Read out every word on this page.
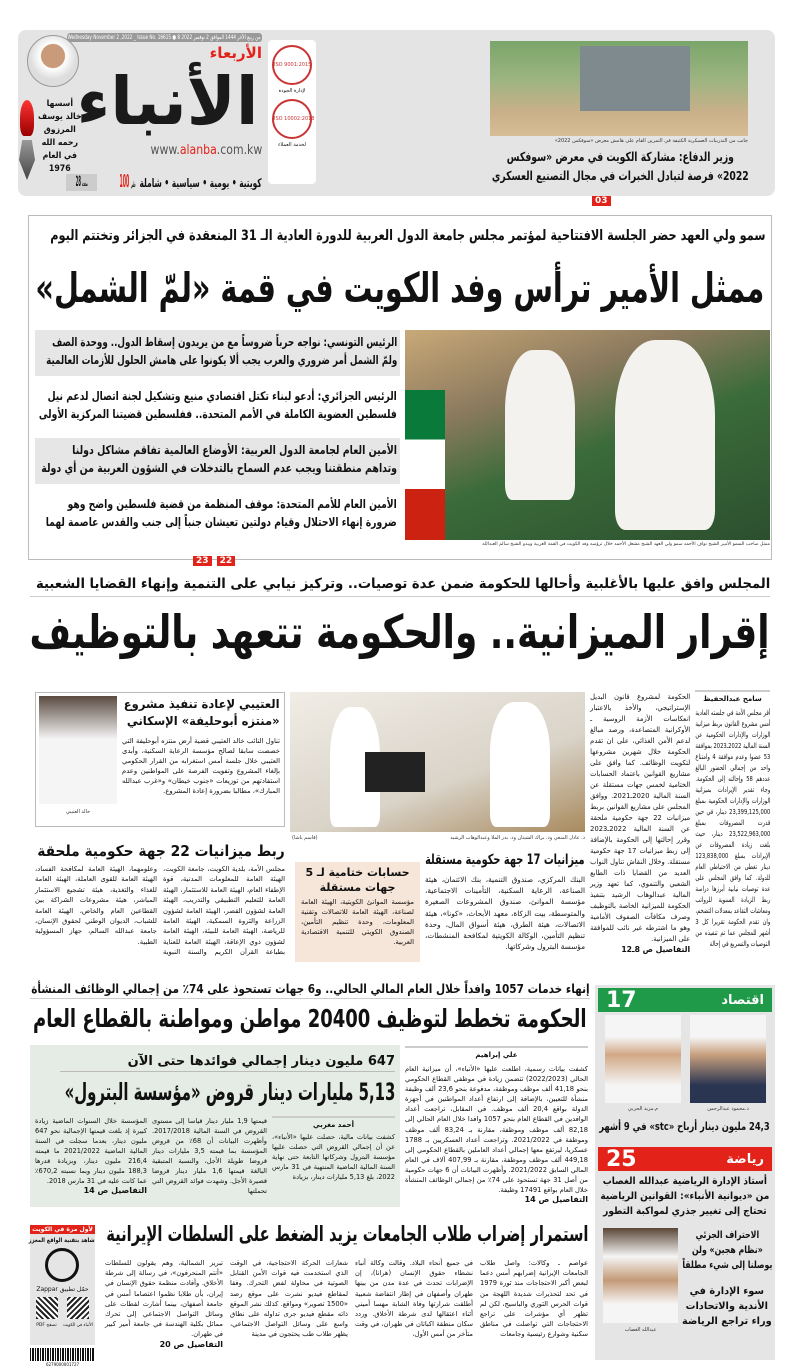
Wednesday November 2 ,2022 _ Issue No. 16615 ● 8 من ربيع الآخر 1444 الموافق 2 نوفمبر 2022
الأربعاء
الأنباء
www.alanba.com.kw
كويتية • يومية • سياسية • شاملة
100 فلس
28 صفحة
أسسها خالد يوسف المرزوق رحمه الله في العام 1976
ISO 9001:2015
لإدارة الجودة
ISO 10002:2018
لخدمة العملاء
جانب من التدريبات العسكرية الكثيفة في التمرين القام على هامش معرض «سوفكس 2022»
وزير الدفاع: مشاركة الكويت في معرض «سوفكس 2022» فرصة لتبادل الخبرات في مجال التصنيع العسكري
03
سمو ولي العهد حضر الجلسة الافتتاحية لمؤتمر مجلس جامعة الدول العربية للدورة العادية الـ 31 المنعقدة في الجزائر وتختتم اليوم
ممثل الأمير ترأس وفد الكويت في قمة «لمّ الشمل»
الرئيس التونسي: نواجه حرباً ضروساً مع من يريدون إسقاط الدول.. ووحدة الصف ولمّ الشمل أمر ضروري والعرب يجب ألا يكونوا على هامش الحلول للأزمات العالمية
الرئيس الجزائري: أدعو لبناء تكتل اقتصادي منيع وتشكيل لجنة اتصال لدعم نيل فلسطين العضوية الكاملة في الأمم المتحدة.. ففلسطين قضيتنا المركزية الأولى
الأمين العام لجامعة الدول العربية: الأوضاع العالمية تفاقم مشاكل دولنا وتداهم منطقتنا ويجب عدم السماح بالتدخلات في الشؤون العربية من أي دولة
الأمين العام للأمم المتحدة: موقف المنظمة من قضية فلسطين واضح وهو ضرورة إنهاء الاحتلال وقيام دولتين تعيشان جنباً إلى جنب والقدس عاصمة لهما
ممثل صاحب السمو الأمير الشيخ نواف الأحمد سمو ولي العهد الشيخ مشعل الأحمد خلال ترؤسه وفد الكويت في القمة العربية ويبدو الشيخ سالم العبدالله
23 22
المجلس وافق عليها بالأغلبية وأحالها للحكومة ضمن عدة توصيات.. وتركيز نيابي على التنمية وإنهاء القضايا الشعبية
إقرار الميزانية.. والحكومة تتعهد بالتوظيف
سامح عبدالحفيظ
أقر مجلس الأمة في جلسته العادية أمس مشروع القانون بربط ميزانية الوزارات والإدارات الحكومية عن السنة المالية 2022ـ2023 بموافقة 53 عضوا وعدم موافقة 4 وامتناع واحد من إجمالي الحضور البالغ عددهم 58 وإحالته إلى الحكومة. وجاء تقدير الإيرادات بميزانية الوزارات والإدارات الحكومية بمبلغ 23,399,125,000 دينار، في حين قدرت المصروفات بمبلغ 23,522,963,000 دينار، حيث بلغت زيادة المصروفات عن الإيرادات بمبلغ 123,838,000 دينار تغطى من الاحتياطي العام للدولة. كما وافق المجلس على عدة توصيات نيابية أبرزها دراسة ربط الزيادة السنوية للرواتب ومعاشات التقاعد بمعدلات التضخم، وان تقدم الحكومة تقريرا كل 3 أشهر للمجلس عما تم تنفيذه من التوصيات والتسريع في إحالة
الحكومة لمشروع قانون البديل الإستراتيجي، والأخذ بالاعتبار انعكاسات الأزمة الروسية ـ الأوكرانية المتصاعدة، ورصد مبالغ لدعم الأمن الغذائي، على ان تقدم الحكومة خلال شهرين مشروعها لتكويت الوظائف. كما وافق على مشاريع القوانين باعتماد الحسابات الختامية لخمس جهات مستقلة عن السنة المالية 2020ـ2021. ووافق المجلس على مشاريع القوانين بربط ميزانيات 22 جهة حكومية ملحقة عن السنة المالية 2022ـ2023 وقرر إحالتها إلى الحكومة بالإضافة إلى ربط ميزانيات 17 جهة حكومية مستقلة. وخلال النقاش تناول النواب العديد من القضايا ذات الطابع الشعبي والتنموي، كما تعهد وزير المالية عبدالوهاب الرشيد بتنفيذ الحكومة للميزانية الخاصة بالتوظيف وصرف مكافآت الصفوف الأمامية وهو ما اشترطه غير نائب للموافقة على الميزانية.
التفاصيل ص 8ـ12
د. عادل المنعي ود. براك الشيتان ود. بدر الملا وعبدالوهاب الرشيد
(قاسم باشا)
ميزانيات 17 جهة حكومية مستقلة
البنك المركزي، صندوق التنمية، بنك الائتمان، هيئة الصناعة، الرعاية السكنية، التأمينات الاجتماعية، مؤسسة الموانئ، صندوق المشروعات الصغيرة والمتوسطة، بيت الزكاة، معهد الأبحاث، «كونا»، هيئة الاتصالات، هيئة الطرق، هيئة أسواق المال، وحدة تنظيم التأمين، الوكالة الكويتية لمكافحة المنشطات، مؤسسة البترول وشركاتها.
حسابات ختامية لـ 5 جهات مستقلة
مؤسسة الموانئ الكويتية، الهيئة العامة لصناعة، الهيئة العامة للاتصالات وتقنية المعلومات، وحدة تنظيم التأمين، الصندوق الكويتي للتنمية الاقتصادية العربية.
خالد العتيبي
العتيبي لإعادة تنفيذ مشروع «منتزه أبوحليفة» الإسكاني
تناول النائب خالد العتيبي قضية أرض منتزه أبوحليفة التي خصصت سابقا لصالح مؤسسة الرعاية السكنية، وأبدى العتيبي خلال جلسة أمس استغرابه من القرار الحكومي بإلغاء المشروع وتفويت الفرصة على المواطنين وعدم استفادتهم من توزيعات «جنوب خيطان» و«غرب عبدالله المبارك»، مطالبا بضرورة إعادة المشروع.
ربط ميزانيات 22 جهة حكومية ملحقة
مجلس الأمة، بلدية الكويت، جامعة الكويت، الهيئة العامة للمعلومات المدنية، قوة الإطفاء العام، الهيئة العامة للاستثمار، الهيئة العامة للتعليم التطبيقي والتدريب، الهيئة العامة لشؤون القصر، الهيئة العامة لشؤون الزراعة والثروة السمكية، الهيئة العامة للرياضة، الهيئة العامة للبيئة، الهيئة العامة لشؤون ذوي الإعاقة، الهيئة العامة للعناية بطباعة القرآن الكريم والسنة النبوية وعلومهما، الهيئة العامة لمكافحة الفساد، الهيئة العامة للقوى العاملة، الهيئة العامة للغذاء والتغذية، هيئة تشجيع الاستثمار المباشر، هيئة مشروعات الشراكة بين القطاعين العام والخاص، الهيئة العامة للشباب، الديوان الوطني لحقوق الإنسان، جامعة عبدالله السالم، جهاز المسؤولية الطبية.
إنهاء خدمات 1057 وافداً خلال العام المالي الحالي.. و6 جهات تستحوذ على 74٪ من إجمالي الوظائف المنشأة
الحكومة تخطط لتوظيف 20400 مواطن ومواطنة بالقطاع العام
علي إبراهيم
كشفت بيانات رسمية، اطلعت عليها «الأنباء»، أن ميزانية العام الحالي (2022/2023) تتضمن زيادة في موظفي القطاع الحكومي بنحو 41,18 ألف موظف وموظفة، مدفوعة بنحو 23,6 ألف وظيفة منشأة للتعيين، بالإضافة إلى ارتفاع أعداد المواطنين في أجهزة الدولة بواقع 20,4 ألف موظف. في المقابل، تراجعت أعداد الوافدين في القطاع العام بنحو 1057 وافدا خلال العام الحالي إلى 82,18 ألف موظف وموظفة، مقارنة بـ 83,24 ألف موظف وموظفة في 2021/2022. وتراجعت أعداد العسكريين بـ 1788 عسكريا، ليرتفع معها إجمالي أعداد العاملين بالقطاع الحكومي إلى 449,18 ألف موظف وموظفة، مقارنة بـ 407,99 آلاف في العام المالي السابق 2021/2022. وأظهرت البيانات أن 6 جهات حكومية من أصل 31 جهة تستحوذ على 74٪ من إجمالي الوظائف المنشأة خلال العام بواقع 17491 وظيفة.
التفاصيل ص 14
647 مليون دينار إجمالي فوائدها حتى الآن
5,13 مليارات دينار قروض «مؤسسة البترول»
أحمد مغربي
كشفت بيانات مالية، حصلت عليها «الأنباء»، عن أن إجمالي القروض التي حصلت عليها مؤسسة البترول وشركاتها التابعة حتى نهاية السنة المالية الماضية المنتهية في 31 مارس 2022، بلغ 5,13 مليارات دينار، بزيادة
قيمتها 1,9 مليار دينار قياسا إلى مستوى القروض في السنة المالية 2017/2018. وأظهرت البيانات أن 68٪ من قروض المؤسسة بما قيمته 3,5 مليارات دينار قروضا طويلة الأجل، والنسبة المتبقية البالغة قيمتها 1,6 مليار دينار قروضا قصيرة الأجل. وشهدت فوائد القروض التي تحملتها
المؤسسة خلال السنوات الماضية زيادة كبيرة إذ بلغت قيمتها الإجمالية نحو 647 مليون دينار، بعدما سجلت في السنة المالية الماضية 2021/2022 ما قيمته 216,4 مليون دينار، وبزيادة قدرها 188,3 مليون دينار وبما نسبته 670,2٪ عما كانت عليه في 31 مارس 2018.
التفاصيل ص 14
اقتصاد
17
د.محمود عبدالرحمن
م.مزيد الحربي
24,3 مليون دينار أرباح «stc» في 9 أشهر
رياضة
25
أستاذ الإدارة الرياضية عبدالله الغصاب من «ديوانية الأنباء»: القوانين الرياضية تحتاج إلى تغيير جذري لمواكبة التطور
عبدالله الغصاب
الاحتراف الجزئي «نظام هجين» ولن يوصلنا إلى شيء مطلقاً
سوء الإدارة في الأندية والاتحادات وراء تراجع الرياضة
استمرار إضراب طلاب الجامعات يزيد الضغط على السلطات الإيرانية
عواصم ـ وكالات: واصل طلاب الجامعات الإيرانية إضرابهم أمس دعما لبعض أكبر الاحتجاجات منذ ثورة 1979 في تحد لتحذيرات شديدة اللهجة من قوات الحرس الثوري والباسيج، لكن لم تظهر أي مؤشرات على تراجع الاحتجاجات التي تواصلت في مناطق سكنية وشوارع رئيسية وجامعات
في جميع أنحاء البلاد. وقالت وكالة أنباء نشطاء حقوق الإنسان (هرانا)، إن الإضرابات تحدث في عدة مدن من بينها طهران وأصفهان في إطار انتفاضة شعبية أطلقت شرارتها وفاة الشابة مهسا أميني أثناء اعتقالها لدى شرطة الأخلاق. وردد سكان منطقة اكباتان في طهران، في وقت متأخر من أمس الأول،
شعارات الحركة الاحتجاجية، في الوقت الذي استخدمت فيه قوات الأمن القنابل الصوتية في محاولة لفض التحرك. وفقا لمقاطع فيديو نشرت على موقع رصد «1500 تصوير» ومواقع. كذلك نشر الموقع ذاته مقطع فيديو جرى تداوله على نطاق واسع على وسائل التواصل الاجتماعي، يظهر طلاب طب يحتجون في مدينة
تبريز الشمالية، وهم يقولون للسلطات «أنتم المنحرفون»، في رسالة إلى شرطة الأخلاق. وأفادت منظمة حقوق الإنسان في إيران، بأن طلابا نظموا اعتصاما أمس في جامعة أصفهان، بينما أشارت لقطات على وسائل التواصل الاجتماعي إلى تحرك مماثل بكلية الهندسة في جامعة أمير كبير في طهران.
التفاصيل ص 20
لأول مرة في الكويت
شاهد بتقنية الواقع المعزز
حمّل تطبيق Zappar
تصفح PDF	الأنباء في الكويت
6279000001727
